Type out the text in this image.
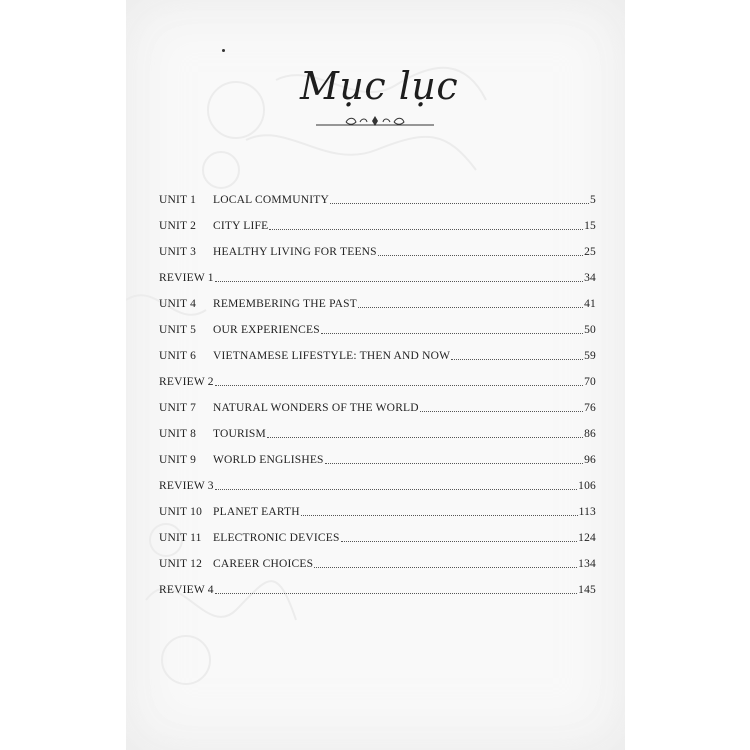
Mục lục
UNIT 1	LOCAL COMMUNITY	5
UNIT 2	CITY LIFE	15
UNIT 3	HEALTHY LIVING FOR TEENS	25
REVIEW 1	34
UNIT 4	REMEMBERING THE PAST	41
UNIT 5	OUR EXPERIENCES	50
UNIT 6	VIETNAMESE LIFESTYLE: THEN AND NOW	59
REVIEW 2	70
UNIT 7	NATURAL WONDERS OF THE WORLD	76
UNIT 8	TOURISM	86
UNIT 9	WORLD ENGLISHES	96
REVIEW 3	106
UNIT 10 PLANET EARTH	113
UNIT 11 ELECTRONIC DEVICES	124
UNIT 12 CAREER CHOICES	134
REVIEW 4	145
